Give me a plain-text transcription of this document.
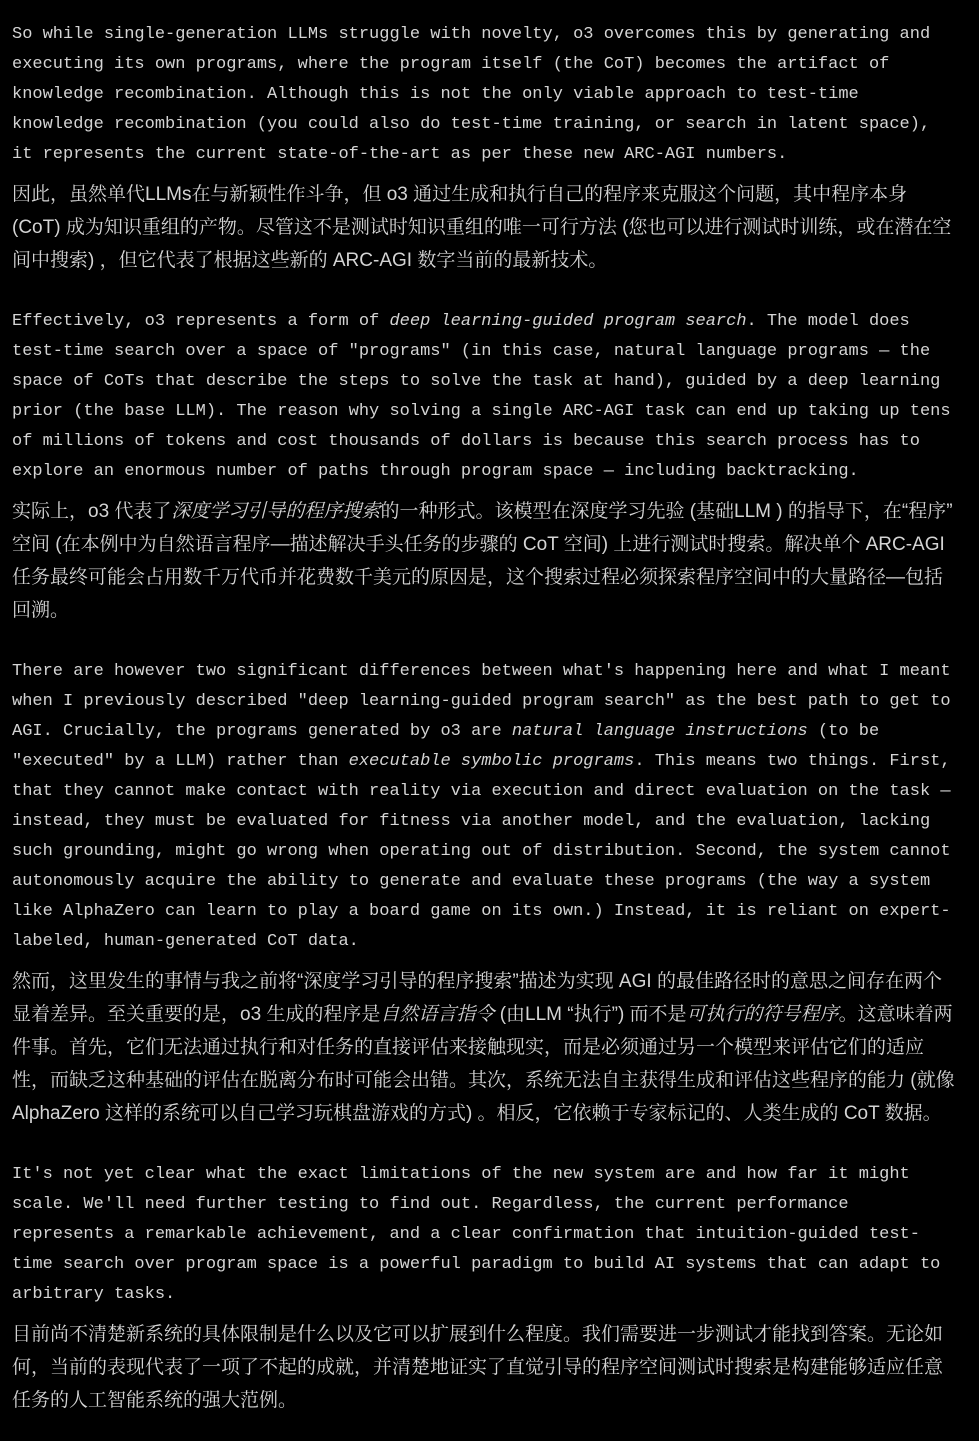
So while single-generation LLMs struggle with novelty, o3 overcomes this by generating and executing its own programs, where the program itself (the CoT) becomes the artifact of knowledge recombination. Although this is not the only viable approach to test-time knowledge recombination (you could also do test-time training, or search in latent space), it represents the current state-of-the-art as per these new ARC-AGI numbers.

因此，虽然单代LLMs在与新颖性作斗争，但 o3 通过生成和执行自己的程序来克服这个问题，其中程序本身 (CoT) 成为知识重组的产物。尽管这不是测试时知识重组的唯一可行方法 (您也可以进行测试时训练，或在潜在空间中搜索) ，但它代表了根据这些新的 ARC-AGI 数字当前的最新技术。

Effectively, o3 represents a form of deep learning-guided program search. The model does test-time search over a space of "programs" (in this case, natural language programs — the space of CoTs that describe the steps to solve the task at hand), guided by a deep learning prior (the base LLM). The reason why solving a single ARC-AGI task can end up taking up tens of millions of tokens and cost thousands of dollars is because this search process has to explore an enormous number of paths through program space — including backtracking.

实际上，o3 代表了深度学习引导的程序搜索的一种形式。该模型在深度学习先验 (基础LLM ) 的指导下，在“程序”空间 (在本例中为自然语言程序—描述解决手头任务的步骤的 CoT 空间) 上进行测试时搜索。解决单个 ARC-AGI 任务最终可能会占用数千万代币并花费数千美元的原因是，这个搜索过程必须探索程序空间中的大量路径—包括回溯。

There are however two significant differences between what's happening here and what I meant when I previously described "deep learning-guided program search" as the best path to get to AGI. Crucially, the programs generated by o3 are natural language instructions (to be "executed" by a LLM) rather than executable symbolic programs. This means two things. First, that they cannot make contact with reality via execution and direct evaluation on the task — instead, they must be evaluated for fitness via another model, and the evaluation, lacking such grounding, might go wrong when operating out of distribution. Second, the system cannot autonomously acquire the ability to generate and evaluate these programs (the way a system like AlphaZero can learn to play a board game on its own.) Instead, it is reliant on expert-labeled, human-generated CoT data.

然而，这里发生的事情与我之前将“深度学习引导的程序搜索”描述为实现 AGI 的最佳路径时的意思之间存在两个显着差异。至关重要的是，o3 生成的程序是自然语言指令 (由LLM “执行”) 而不是可执行的符号程序。这意味着两件事。首先，它们无法通过执行和对任务的直接评估来接触现实，而是必须通过另一个模型来评估它们的适应性，而缺乏这种基础的评估在脱离分布时可能会出错。其次，系统无法自主获得生成和评估这些程序的能力 (就像 AlphaZero 这样的系统可以自己学习玩棋盘游戏的方式) 。相反，它依赖于专家标记的、人类生成的 CoT 数据。

It's not yet clear what the exact limitations of the new system are and how far it might scale. We'll need further testing to find out. Regardless, the current performance represents a remarkable achievement, and a clear confirmation that intuition-guided test-time search over program space is a powerful paradigm to build AI systems that can adapt to arbitrary tasks.

目前尚不清楚新系统的具体限制是什么以及它可以扩展到什么程度。我们需要进一步测试才能找到答案。无论如何，当前的表现代表了一项了不起的成就，并清楚地证实了直觉引导的程序空间测试时搜索是构建能够适应任意任务的人工智能系统的强大范例。
